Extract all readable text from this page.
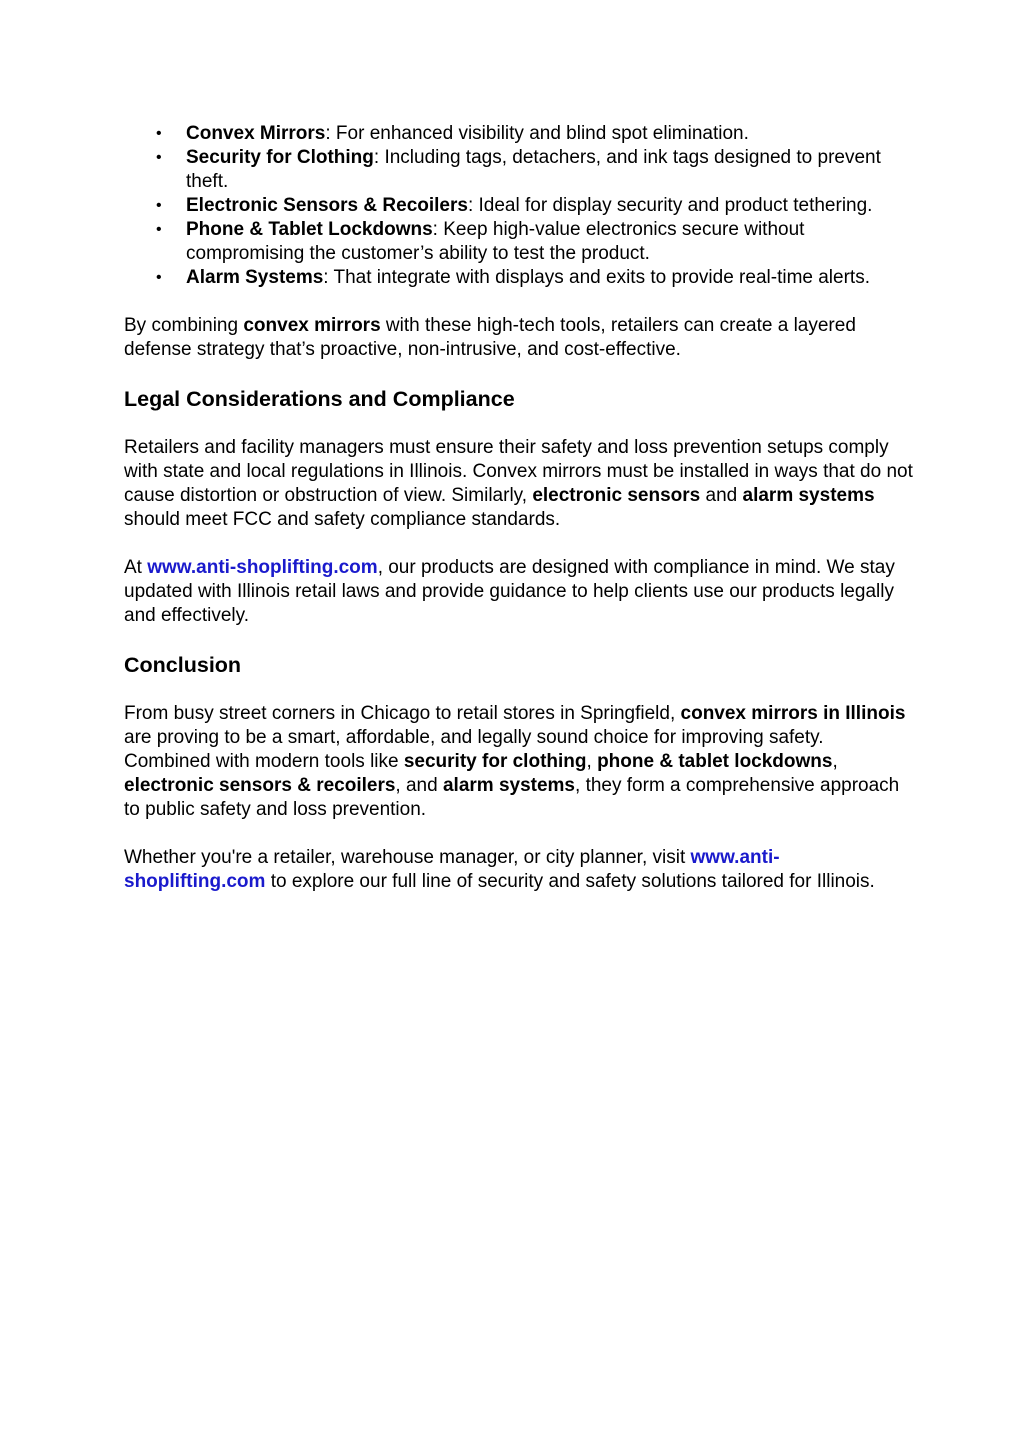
• Convex Mirrors: For enhanced visibility and blind spot elimination.
• Security for Clothing: Including tags, detachers, and ink tags designed to prevent theft.
• Electronic Sensors & Recoilers: Ideal for display security and product tethering.
• Phone & Tablet Lockdowns: Keep high-value electronics secure without compromising the customer’s ability to test the product.
• Alarm Systems: That integrate with displays and exits to provide real-time alerts.

By combining convex mirrors with these high-tech tools, retailers can create a layered defense strategy that’s proactive, non-intrusive, and cost-effective.

Legal Considerations and Compliance

Retailers and facility managers must ensure their safety and loss prevention setups comply with state and local regulations in Illinois. Convex mirrors must be installed in ways that do not cause distortion or obstruction of view. Similarly, electronic sensors and alarm systems should meet FCC and safety compliance standards.

At www.anti-shoplifting.com, our products are designed with compliance in mind. We stay updated with Illinois retail laws and provide guidance to help clients use our products legally and effectively.

Conclusion

From busy street corners in Chicago to retail stores in Springfield, convex mirrors in Illinois are proving to be a smart, affordable, and legally sound choice for improving safety. Combined with modern tools like security for clothing, phone & tablet lockdowns, electronic sensors & recoilers, and alarm systems, they form a comprehensive approach to public safety and loss prevention.

Whether you're a retailer, warehouse manager, or city planner, visit www.anti-shoplifting.com to explore our full line of security and safety solutions tailored for Illinois.
